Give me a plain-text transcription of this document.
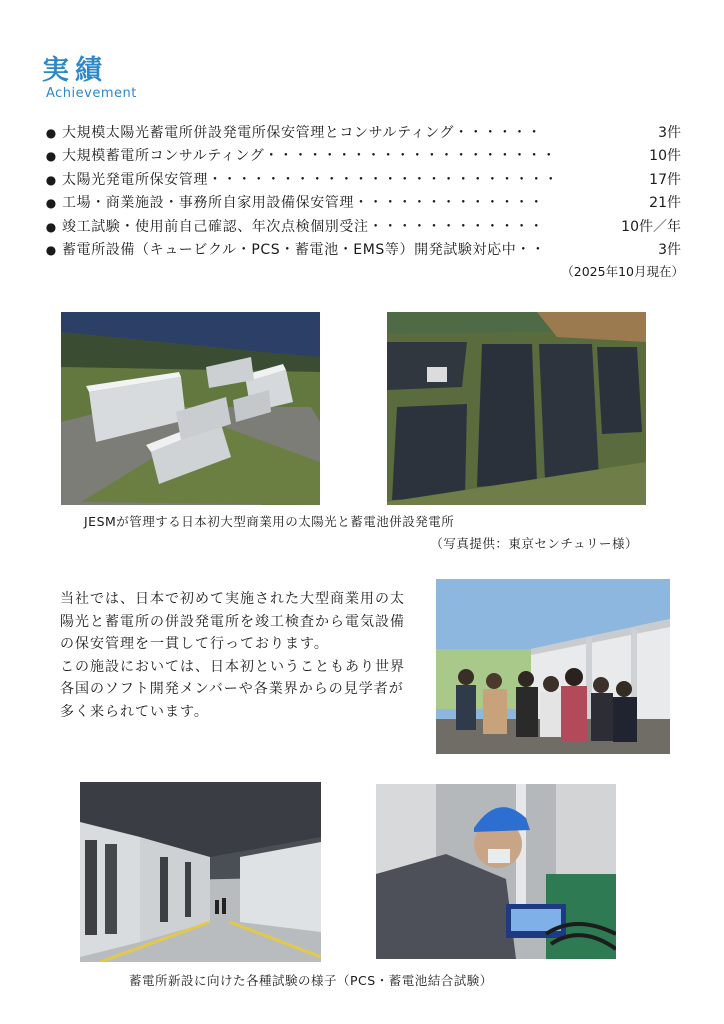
実績
Achievement
● 大規模太陽光蓄電所併設発電所保安管理とコンサルティング・・・・・・	3件
● 大規模蓄電所コンサルティング・・・・・・・・・・・・・・・・・・・・	10件
● 太陽光発電所保安管理・・・・・・・・・・・・・・・・・・・・・・・・	17件
● 工場・商業施設・事務所自家用設備保安管理・・・・・・・・・・・・・	21件
● 竣工試験・使用前自己確認、年次点検個別受注・・・・・・・・・・・・	10件／年
● 蓄電所設備（キュービクル・PCS・蓄電池・EMS等）開発試験対応中・・	3件
（2025年10月現在）
JESMが管理する日本初大型商業用の太陽光と蓄電池併設発電所
（写真提供：東京センチュリー様）

当社では、日本で初めて実施された大型商業用の太陽光と蓄電所の併設発電所を竣工検査から電気設備の保安管理を一貫して行っております。

この施設においては、日本初ということもあり世界各国のソフト開発メンバーや各業界からの見学者が多く来られています。

蓄電所新設に向けた各種試験の様子（PCS・蓄電池結合試験）
